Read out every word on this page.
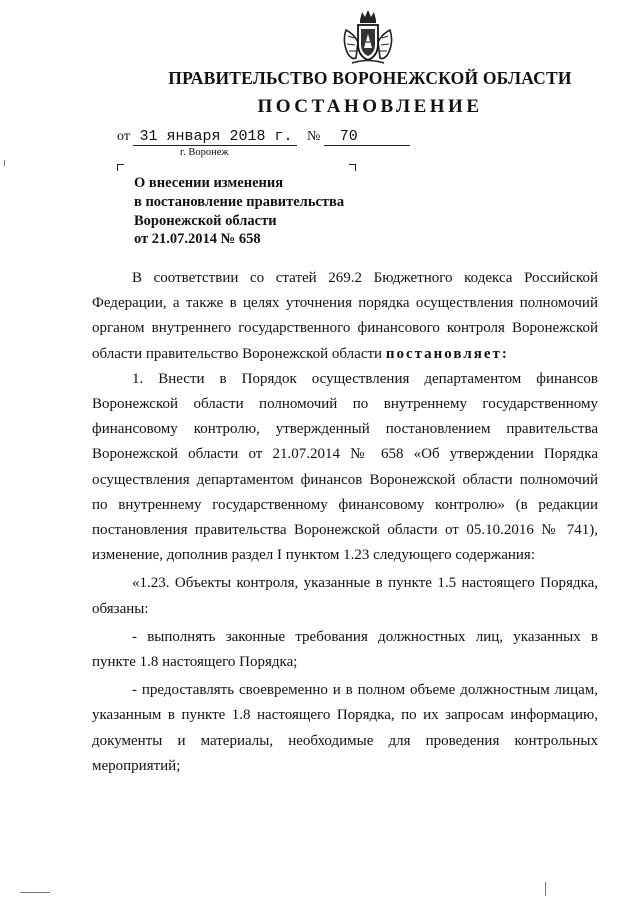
ПРАВИТЕЛЬСТВО ВОРОНЕЖСКОЙ ОБЛАСТИ
ПОСТАНОВЛЕНИЕ
от 31 января 2018 г. № 70
г. Воронеж
О внесении изменения
в постановление правительства
Воронежской области
от 21.07.2014 № 658

В соответствии со статей 269.2 Бюджетного кодекса Российской Федерации, а также в целях уточнения порядка осуществления полномочий органом внутреннего государственного финансового контроля Воронежской области правительство Воронежской области постановляет:

1. Внести в Порядок осуществления департаментом финансов Воронежской области полномочий по внутреннему государственному финансовому контролю, утвержденный постановлением правительства Воронежской области от 21.07.2014 № 658 «Об утверждении Порядка осуществления департаментом финансов Воронежской области полномочий по внутреннему государственному финансовому контролю» (в редакции постановления правительства Воронежской области от 05.10.2016 № 741), изменение, дополнив раздел I пунктом 1.23 следующего содержания:

«1.23. Объекты контроля, указанные в пункте 1.5 настоящего Порядка, обязаны:

- выполнять законные требования должностных лиц, указанных в пункте 1.8 настоящего Порядка;

- предоставлять своевременно и в полном объеме должностным лицам, указанным в пункте 1.8 настоящего Порядка, по их запросам информацию, документы и материалы, необходимые для проведения контрольных мероприятий;
